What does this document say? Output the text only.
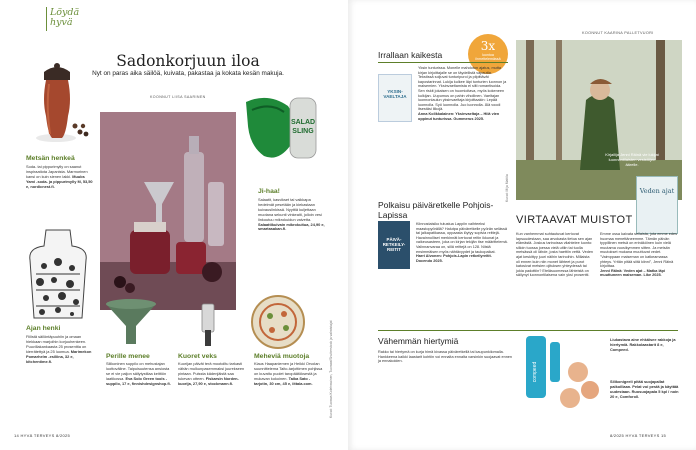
Löydä
hyvä
Sadonkorjuun iloa
Nyt on paras aika säilöä, kuivata, pakastaa ja kokata kesän makuja.
KOONNUT LIISA SAARINEN
Metsän henkeä
Soda- tai pippurimylly on saanut inspiraatiota Japanista. Marmorinen kansi on kuin sienen lakki. Muubs Yami -soda- ja pippurimylly M, 53,50 e, nordicnest.fi.
Ajan henki
Fiilistä säilöntäpuuhiin ja omaan hiekkaan marjoihin korjuuhenkeen. Puuvillakankaasta 25 prosenttia on kierrätettyä ja 25 luomua. Marimekon Pomarhelm -esiliina, 32 e, kitchentime.fi.
SALAD
SLING
Ji-haa!
Salaatit, kasvikset tai vaikkapa hedelmät pesetään ja kiekastaan kuivauslinkissä. Nyyttiä kuljettaan muotana sekunti vinkeaiti, jolloin vesi linkoutuu mikrokuidun vaivetta. Salaattikuivain mikrokuitua, 24,90 e, smartasakan.fi.
Perille menee
Silikoninen suppilo on mehustajan luottoväline. Taipuisuutensa ansiosta se ei vie paljon säilytystilaa keittiön laatikossa. Eva Solo Green tools -suppilo, 17 e, finnishdesignshop.fi.
Kuoret veks
Kuorijan päivät terä mootoiltu tarkasti vähän mulkunpasemmaksi juurekseen pintaan. Pulssta kädenjäistä saa tukevan otteen. Fiskarsin Norden-kuorija, 27,90 e, stockmann.fi.
Meheviä muotoja
Klaus Haapaniemen ja Heikki Orvolan suunnittelema Taito-tarjottimen pohjissa on kuvattu puolet taropäätöksestä ja mukavan kokoinen. Taika Sato -tarjotin, 30 cm, 45 e, iittala.com.	Kuvat: Tuomas Kolehmainen, Tuomas/Shutterstock ja valmistajat
14 HYVÄ TERVEYS 8/2025
KOONNUT KAARINA PALLETVUORI
3x
luontoa ihmettelemässä
Irrallaan kaikesta
YKSIN-VAELTAJA
Yksin tunturissa. Monelle mahdoton ajatus, mutta kirjan kirjoittajalle se on täydellistä vapautta. Tekstissä soljuvat tunturipuroi ja pilpittävät kapostarinnat. Lukija kulkee läpi tunturien luonnon ja maisemien. Yksinvaeltamista ei silti romantisoida. Sen riskit jokaisen on huomioitava, myös kokeneen kulkijan. Uupumus on pahin vihollinen. Vaeltajan luonnonlaulun yksinvaeltaja kirjoittaakin: Lepää luonnolla. Syö luonnolla. Juo luonnolla. Älä voodi itsestäsi liikojä.
Anna Kolikkalainen: Yksinvaeltaja – Hiiä vien oppinut tunturissa. Gummerus 2025.
Polkaisu päiväretkelle Pohjois-Lapissa
PÄIVÄ-RETKEILY-REITIT
Kiinnostaisiko tutustua Lappiin vaihteeksi maastopyörällä? Halutpa päiväretkelle pyörän selässä tai jalkapatikassa, oppaasta löytyy sopivia reittejä. Havainnolliset merkinnät kertovat reitin ikkunat ja vaikeusasteen, joka on kirjan tekijän itse määrittelemä. Valinnanvaraa on, sillä reittejä on 128. Niistä ensimmäisen myös nähtävyydet ja taukopaikat.
Harri Alvonen: Pohjois-Lapin retkeilyreitit. Docendo 2025.
Kirjailija Jenni Räinä vie lukijat luonnontilaisten vesistöjen äärelle.
Kuvat: Mija Mattila
VIRTAAVAT MUISTOT
Veden ajat
Kun vanhemmat suhtautuvat kertovat lapsuudestaan, saa arvokasta tietoa sen ajan elämästä. Joskus tarinoissa vilahtelee luonto: silloin tuossa joessa vielä uitiin tai tuolla metsässä oli lähde, josta haettiin vettä. Veden ajat keskittyy juuri näihin tarinoihin. Millaista oli ennen kuin niin monet lähteet ja purot katosivat metsien ojituksen yhteydessä tai jokia padottiin? Eteläsuomessa lähteistä on säilynyt luonnontilaisena vain yksi prosentti. Emme ossa kaivata sellaista, jota emme edes huomaa menettäneemme. Tämän päivän tyypillinen metsä on erinäköinen kuin vielä muutama vuosikymmen sitten. Ja metsän muutokset mukana muuttuvat vedet. "Vaimppaan maiseman on katkeamassa yhteys. Yritän pitää siitä kiinni", Jenni Räinä kirjoittaa.
Jenni Räinä: Veden ajat – Matka läpi muuttuneen maiseman. Like 2025.
Vähemmän hiertymiä
Rakko tai hiertymä on kurja himä kivassa päiväretkellä tai kaupunkilomalla. Hankkeena kaikki laastarit kohtiin voi ennalta ennalta varsinkin suojaavat ennen ja ennakoiden.
compeed
Liukastava aine ehkäisee rakkoja ja hiertymiä. Rakkolaastarit 8 e, Compeed.
Silikonigeeli pitää suojapallat paikoillaan. Pelat voi pestä ja käyttää uudestaan. Ruosuojapala 5 kpl / noin 20 e, Comforoll.
8/2025 HYVÄ TERVEYS 15
